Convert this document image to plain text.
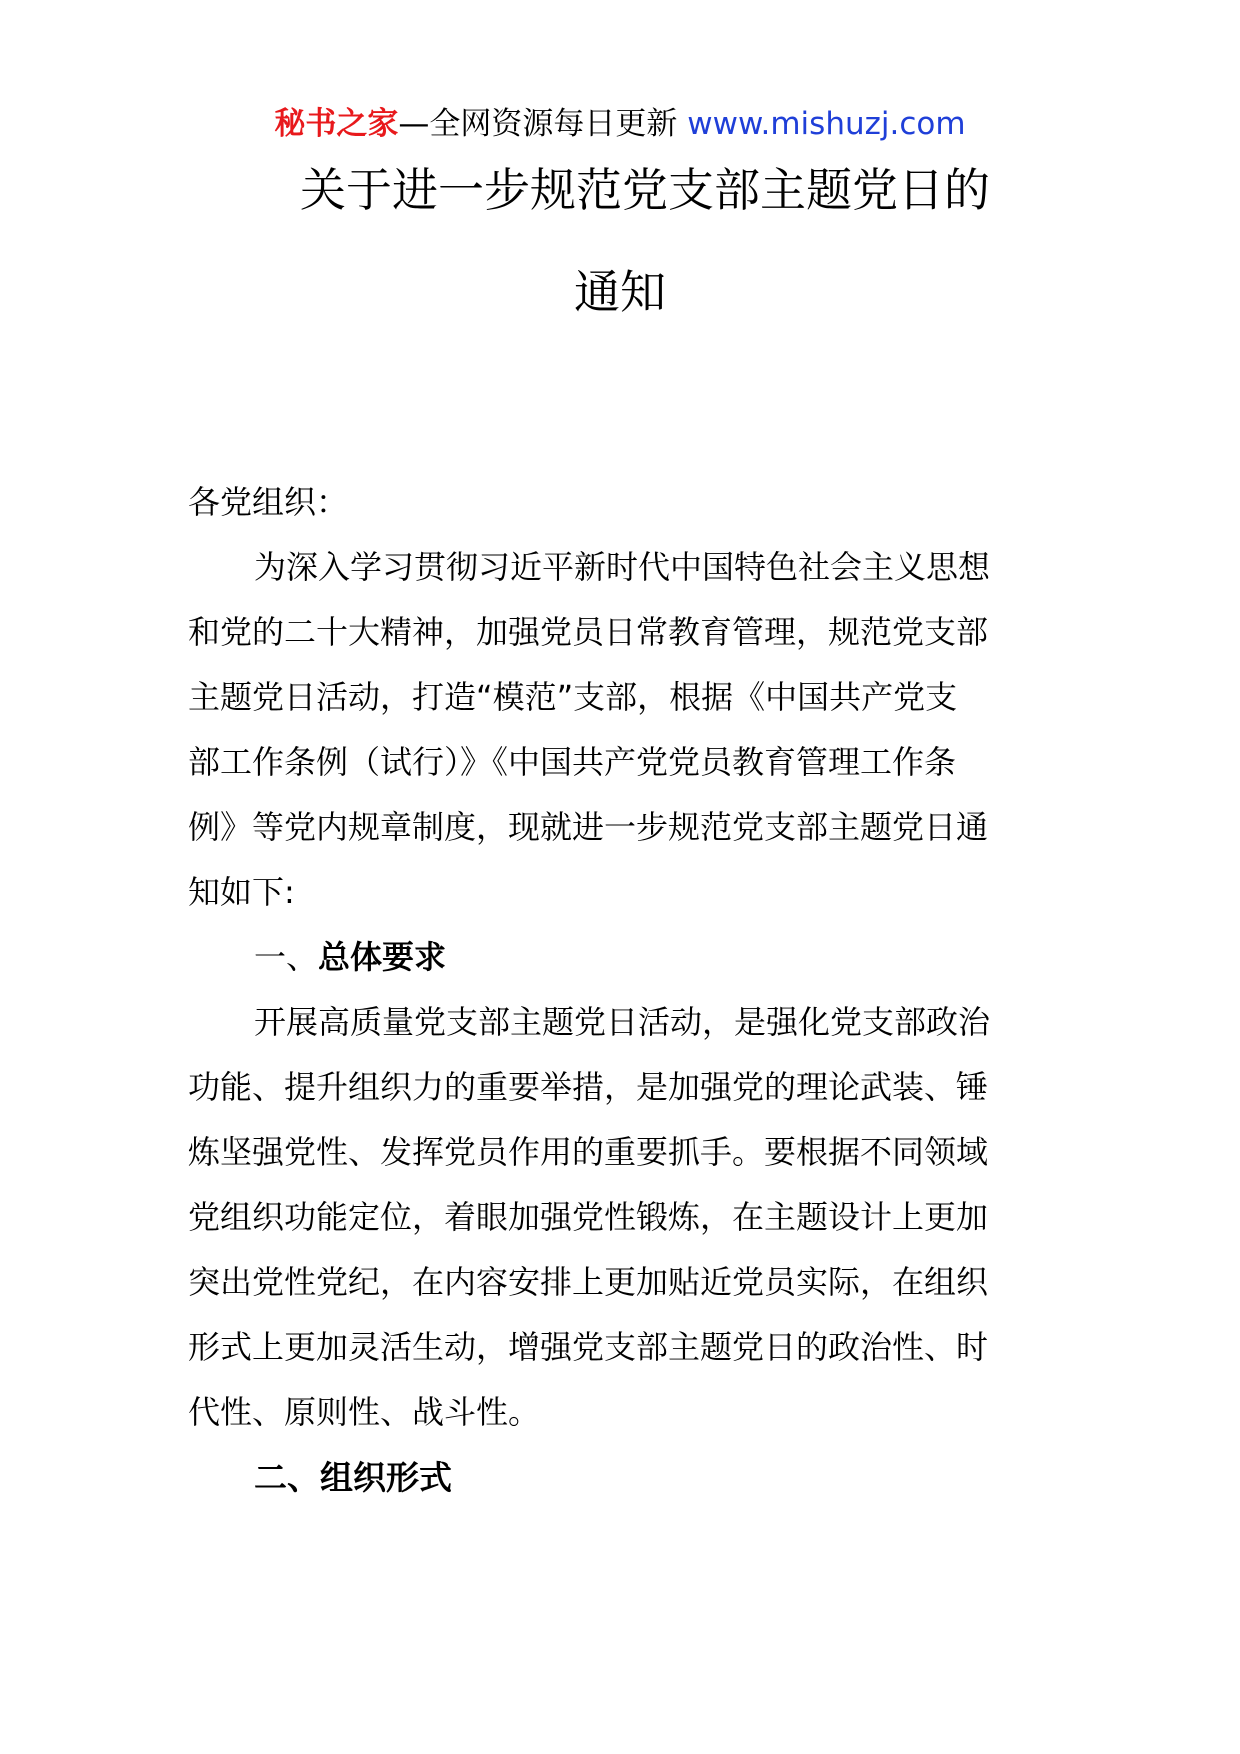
秘书之家—全网资源每日更新 www.mishuzj.com
关于进一步规范党支部主题党日的
通知
各党组织：
为深入学习贯彻习近平新时代中国特色社会主义思想
和党的二十大精神，加强党员日常教育管理，规范党支部
主题党日活动，打造“模范”支部，根据《中国共产党支
部工作条例（试行）》《中国共产党党员教育管理工作条
例》等党内规章制度，现就进一步规范党支部主题党日通
知如下:
一、总体要求
开展高质量党支部主题党日活动，是强化党支部政治
功能、提升组织力的重要举措，是加强党的理论武装、锤
炼坚强党性、发挥党员作用的重要抓手。要根据不同领域
党组织功能定位，着眼加强党性锻炼，在主题设计上更加
突出党性党纪，在内容安排上更加贴近党员实际，在组织
形式上更加灵活生动，增强党支部主题党日的政治性、时
代性、原则性、战斗性。
二、组织形式
